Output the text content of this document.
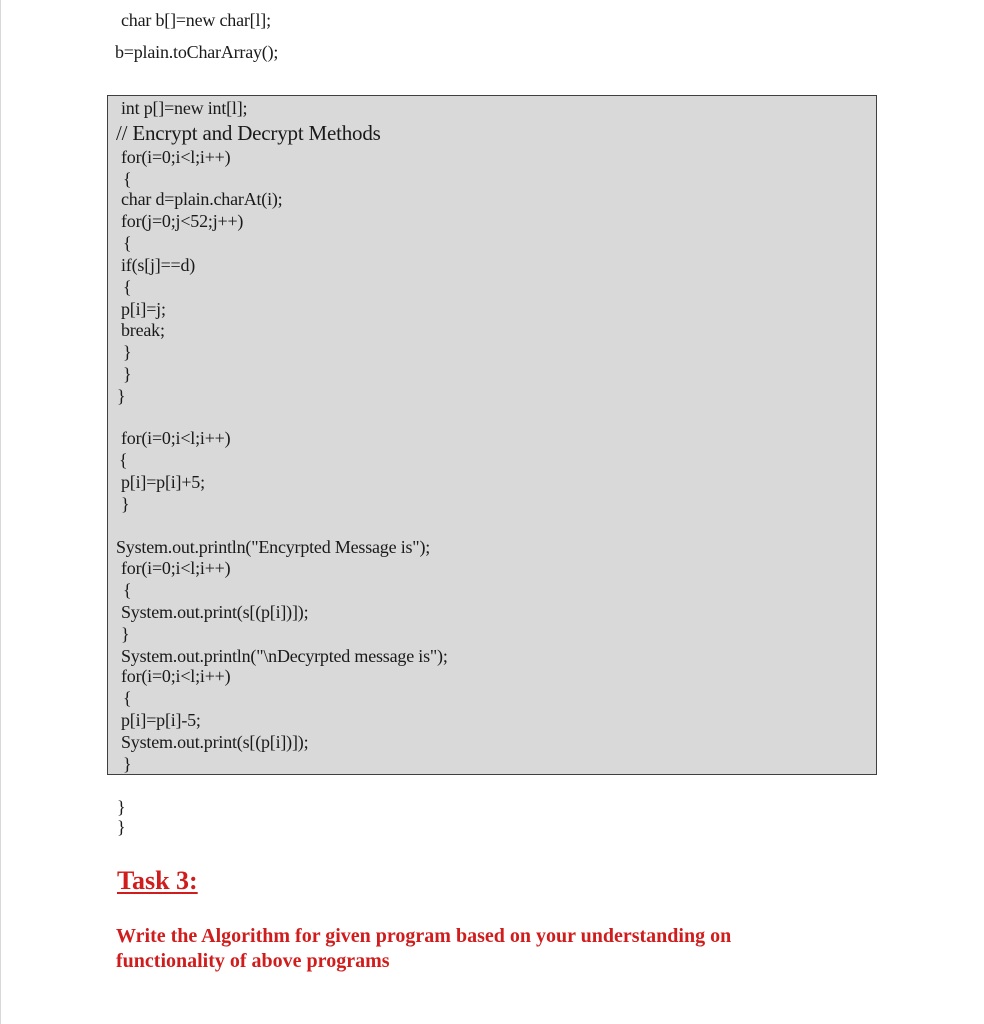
char b[]=new char[l];
b=plain.toCharArray();
int p[]=new int[l];
// Encrypt and Decrypt Methods
for(i=0;i<l;i++)
{
char d=plain.charAt(i);
for(j=0;j<52;j++)
{
if(s[j]==d)
{
p[i]=j;
break;
}
}
}
for(i=0;i<l;i++)
{
p[i]=p[i]+5;
}
System.out.println("Encyrpted Message is");
for(i=0;i<l;i++)
{
System.out.print(s[(p[i])]);
}
System.out.println("\nDecyrpted message is");
for(i=0;i<l;i++)
{
p[i]=p[i]-5;
System.out.print(s[(p[i])]);
}
}
}
Task 3:
Write the Algorithm for given program based on your understanding on functionality of above programs
